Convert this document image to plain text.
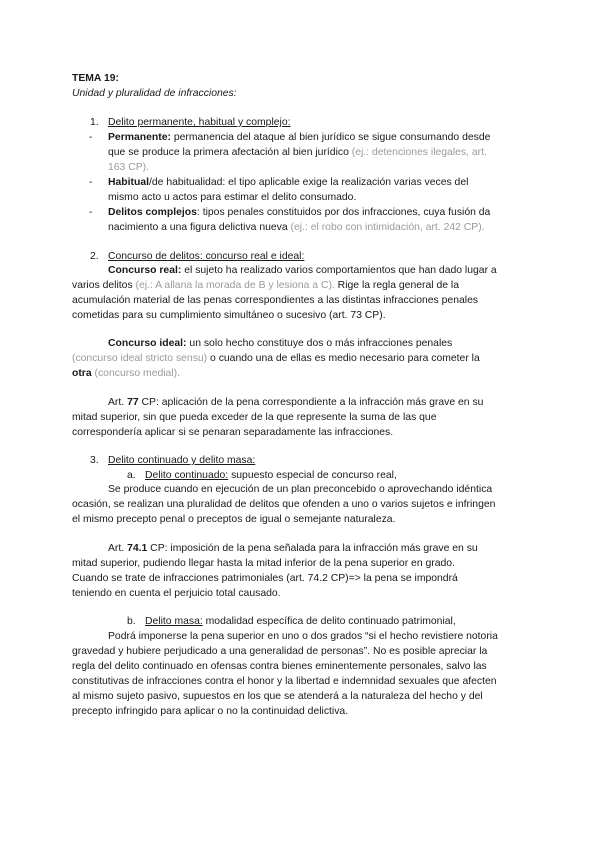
TEMA 19:
Unidad y pluralidad de infracciones:
1. Delito permanente, habitual y complejo:
- Permanente: permanencia del ataque al bien jurídico se sigue consumando desde
que se produce la primera afectación al bien jurídico (ej.: detenciones ilegales, art.
163 CP).
- Habitual/de habitualidad: el tipo aplicable exige la realización varias veces del
mismo acto u actos para estimar el delito consumado.
- Delitos complejos: tipos penales constituidos por dos infracciones, cuya fusión da
nacimiento a una figura delictiva nueva (ej.: el robo con intimidación, art. 242 CP).
2. Concurso de delitos: concurso real e ideal:
Concurso real: el sujeto ha realizado varios comportamientos que han dado lugar a
varios delitos (ej.: A allana la morada de B y lesiona a C). Rige la regla general de la
acumulación material de las penas correspondientes a las distintas infracciones penales
cometidas para su cumplimiento simultáneo o sucesivo (art. 73 CP).
Concurso ideal: un solo hecho constituye dos o más infracciones penales
(concurso ideal stricto sensu) o cuando una de ellas es medio necesario para cometer la
otra (concurso medial).
Art. 77 CP: aplicación de la pena correspondiente a la infracción más grave en su
mitad superior, sin que pueda exceder de la que represente la suma de las que
correspondería aplicar si se penaran separadamente las infracciones.
3. Delito continuado y delito masa:
a. Delito continuado: supuesto especial de concurso real,
Se produce cuando en ejecución de un plan preconcebido o aprovechando idéntica
ocasión, se realizan una pluralidad de delitos que ofenden a uno o varios sujetos e infringen
el mismo precepto penal o preceptos de igual o semejante naturaleza.
Art. 74.1 CP: imposición de la pena señalada para la infracción más grave en su
mitad superior, pudiendo llegar hasta la mitad inferior de la pena superior en grado.
Cuando se trate de infracciones patrimoniales (art. 74.2 CP)=> la pena se impondrá
teniendo en cuenta el perjuicio total causado.
b. Delito masa: modalidad específica de delito continuado patrimonial,
Podrá imponerse la pena superior en uno o dos grados “si el hecho revistiere notoria
gravedad y hubiere perjudicado a una generalidad de personas”. No es posible apreciar la
regla del delito continuado en ofensas contra bienes eminentemente personales, salvo las
constitutivas de infracciones contra el honor y la libertad e indemnidad sexuales que afecten
al mismo sujeto pasivo, supuestos en los que se atenderá a la naturaleza del hecho y del
precepto infringido para aplicar o no la continuidad delictiva.
